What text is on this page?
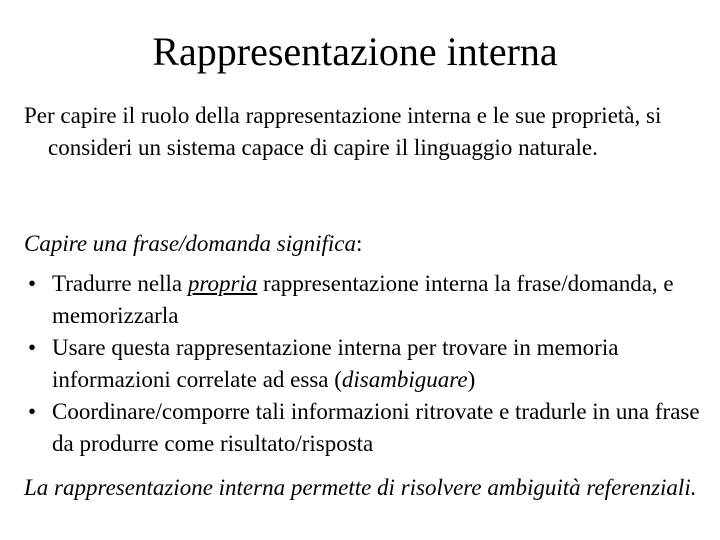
Rappresentazione interna
Per capire il ruolo della rappresentazione interna e le sue proprietà, si consideri un sistema capace di capire il linguaggio naturale.
Capire una frase/domanda significa:
• Tradurre nella propria rappresentazione interna la frase/domanda, e memorizzarla
• Usare questa rappresentazione interna per trovare in memoria informazioni correlate ad essa (disambiguare)
• Coordinare/comporre tali informazioni ritrovate e tradurle in una frase da produrre come risultato/risposta
La rappresentazione interna permette di risolvere ambiguità referenziali.
